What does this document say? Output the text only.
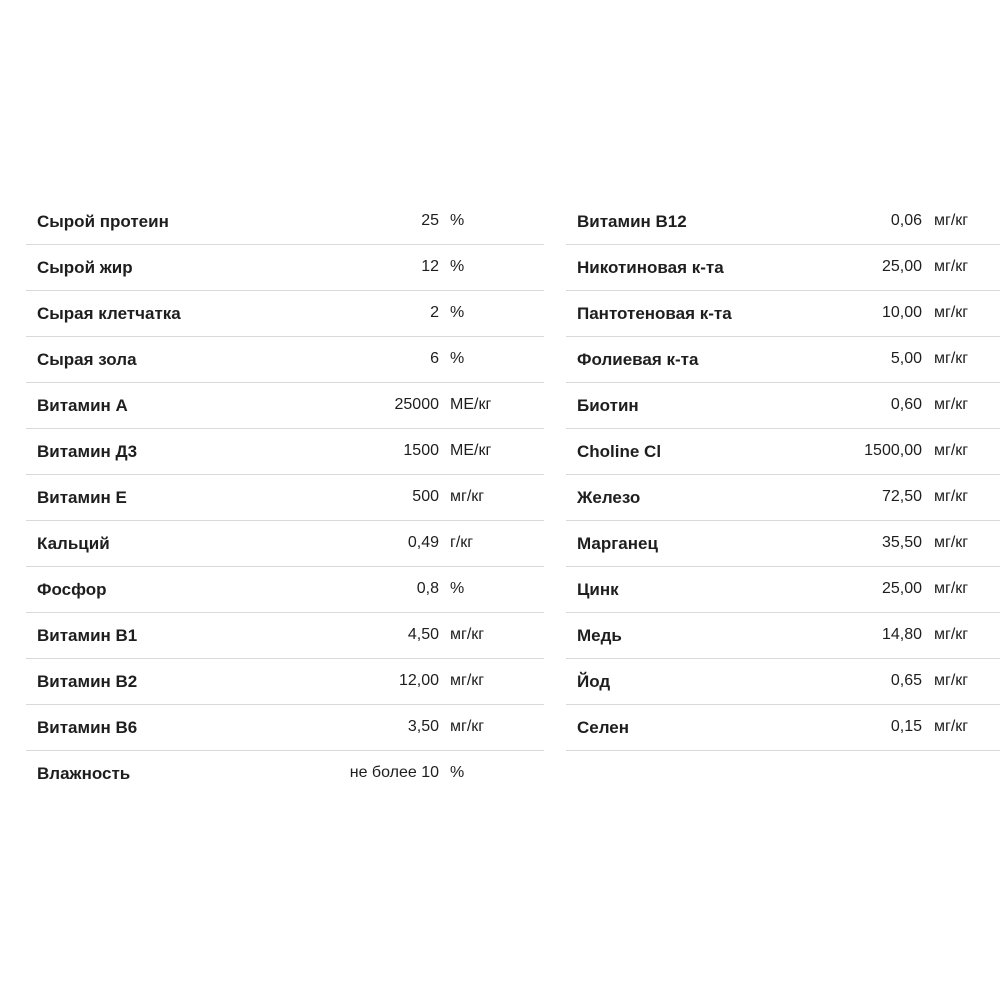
Сырой протеин	25 %
Сырой жир	12 %
Сырая клетчатка	2 %
Сырая зола	6 %
Витамин А	25000 МЕ/кг
Витамин Д3	1500 МЕ/кг
Витамин Е	500 мг/кг
Кальций	0,49 г/кг
Фосфор	0,8 %
Витамин В1	4,50 мг/кг
Витамин В2	12,00 мг/кг
Витамин В6	3,50 мг/кг
Влажность	не более 10 %
Витамин В12	0,06 мг/кг
Никотиновая к-та	25,00 мг/кг
Пантотеновая к-та	10,00 мг/кг
Фолиевая к-та	5,00 мг/кг
Биотин	0,60 мг/кг
Choline Cl	1500,00 мг/кг
Железо	72,50 мг/кг
Марганец	35,50 мг/кг
Цинк	25,00 мг/кг
Медь	14,80 мг/кг
Йод	0,65 мг/кг
Селен	0,15 мг/кг
